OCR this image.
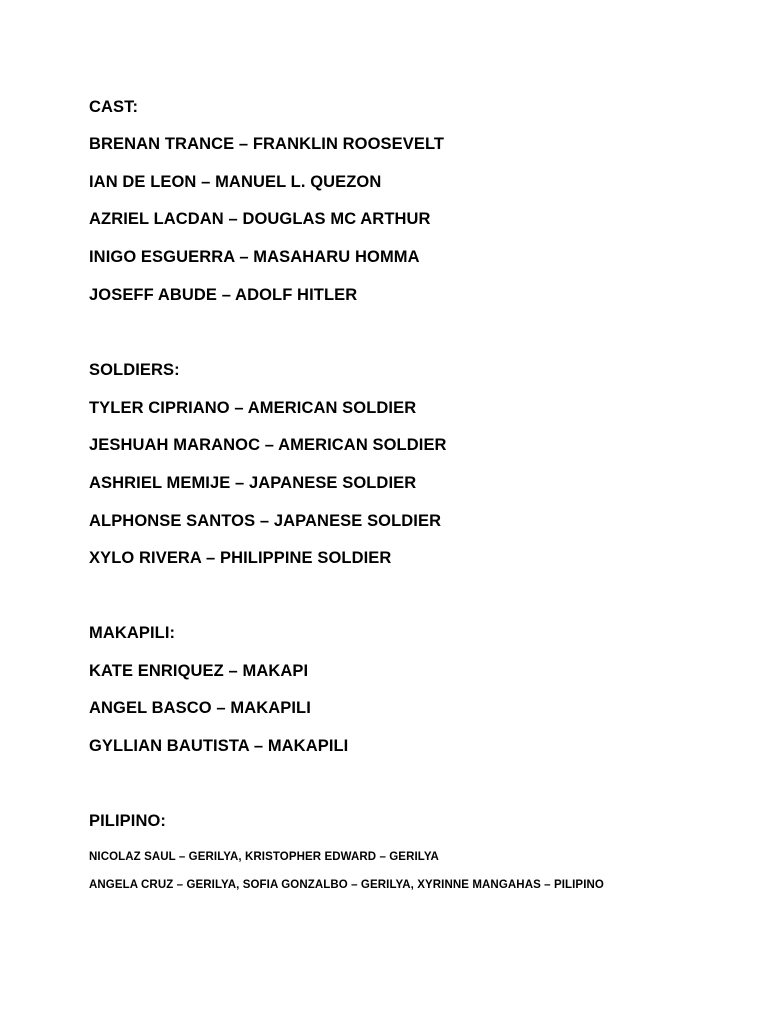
CAST:
BRENAN TRANCE – FRANKLIN ROOSEVELT
IAN DE LEON – MANUEL L. QUEZON
AZRIEL LACDAN – DOUGLAS MC ARTHUR
INIGO ESGUERRA – MASAHARU HOMMA
JOSEFF ABUDE – ADOLF HITLER
SOLDIERS:
TYLER CIPRIANO – AMERICAN SOLDIER
JESHUAH MARANOC – AMERICAN SOLDIER
ASHRIEL MEMIJE – JAPANESE SOLDIER
ALPHONSE SANTOS – JAPANESE SOLDIER
XYLO RIVERA – PHILIPPINE SOLDIER
MAKAPILI:
KATE ENRIQUEZ – MAKAPI
ANGEL BASCO – MAKAPILI
GYLLIAN BAUTISTA – MAKAPILI
PILIPINO:
NICOLAZ SAUL – GERILYA, KRISTOPHER EDWARD – GERILYA
ANGELA CRUZ – GERILYA, SOFIA GONZALBO – GERILYA, XYRINNE MANGAHAS – PILIPINO
